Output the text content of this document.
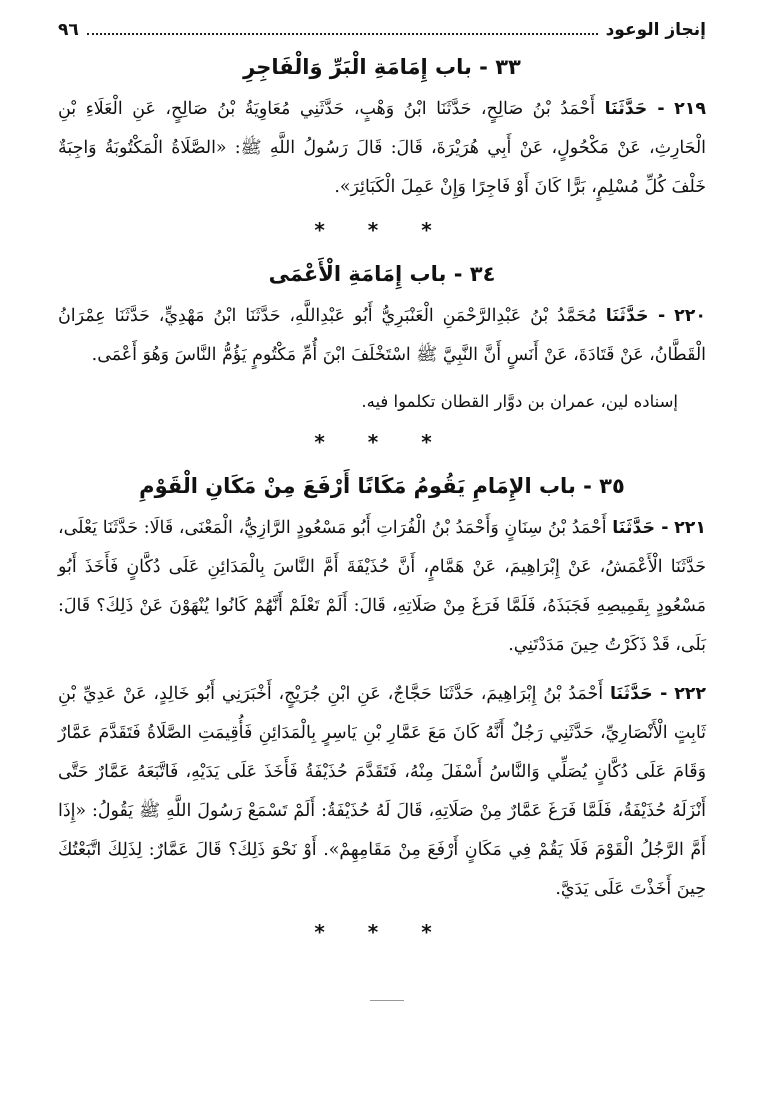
إنجاز الوعود
٩٦
٣٣ - باب إِمَامَةِ الْبَرِّ وَالْفَاجِرِ

٢١٩ - حَدَّثَنَا أَحْمَدُ بْنُ صَالِحٍ، حَدَّثَنَا ابْنُ وَهْبٍ، حَدَّثَنِي مُعَاوِيَةُ بْنُ صَالِحٍ، عَنِ الْعَلَاءِ بْنِ الْحَارِثِ، عَنْ مَكْحُولٍ، عَنْ أَبِي هُرَيْرَةَ، قَالَ: قَالَ رَسُولُ اللَّهِ ﷺ: «الصَّلَاةُ الْمَكْتُوبَةُ وَاجِبَةٌ خَلْفَ كُلِّ مُسْلِمٍ، بَرًّا كَانَ أَوْ فَاجِرًا وَإِنْ عَمِلَ الْكَبَائِرَ».

* * *
٣٤ - باب إِمَامَةِ الْأَعْمَى

٢٢٠ - حَدَّثَنَا مُحَمَّدُ بْنُ عَبْدِالرَّحْمَنِ الْعَنْبَرِيُّ أَبُو عَبْدِاللَّهِ، حَدَّثَنَا ابْنُ مَهْدِيٍّ، حَدَّثَنَا عِمْرَانُ الْقَطَّانُ، عَنْ قَتَادَةَ، عَنْ أَنَسٍ أَنَّ النَّبِيَّ ﷺ اسْتَخْلَفَ ابْنَ أُمِّ مَكْتُومٍ يَؤُمُّ النَّاسَ وَهُوَ أَعْمَى.

إسناده لين، عمران بن دوَّار القطان تكلموا فيه.
* * *
٣٥ - باب الإِمَامِ يَقُومُ مَكَانًا أَرْفَعَ مِنْ مَكَانِ الْقَوْمِ

٢٢١ - حَدَّثَنَا أَحْمَدُ بْنُ سِنَانٍ وَأَحْمَدُ بْنُ الْفُرَاتِ أَبُو مَسْعُودٍ الرَّازِيُّ، الْمَعْنَى، قَالَا: حَدَّثَنَا يَعْلَى، حَدَّثَنَا الْأَعْمَشُ، عَنْ إِبْرَاهِيمَ، عَنْ هَمَّامٍ، أَنَّ حُذَيْفَةَ أَمَّ النَّاسَ بِالْمَدَائِنِ عَلَى دُكَّانٍ فَأَخَذَ أَبُو مَسْعُودٍ بِقَمِيصِهِ فَجَبَذَهُ، فَلَمَّا فَرَغَ مِنْ صَلَاتِهِ، قَالَ: أَلَمْ تَعْلَمْ أَنَّهُمْ كَانُوا يُنْهَوْنَ عَنْ ذَلِكَ؟ قَالَ: بَلَى، قَدْ ذَكَرْتُ حِينَ مَدَدْتَنِي.

٢٢٢ - حَدَّثَنَا أَحْمَدُ بْنُ إِبْرَاهِيمَ، حَدَّثَنَا حَجَّاجٌ، عَنِ ابْنِ جُرَيْجٍ، أَخْبَرَنِي أَبُو خَالِدٍ، عَنْ عَدِيِّ بْنِ ثَابِتٍ الْأَنْصَارِيِّ، حَدَّثَنِي رَجُلٌ أَنَّهُ كَانَ مَعَ عَمَّارِ بْنِ يَاسِرٍ بِالْمَدَائِنِ فَأُقِيمَتِ الصَّلَاةُ فَتَقَدَّمَ عَمَّارٌ وَقَامَ عَلَى دُكَّانٍ يُصَلِّي وَالنَّاسُ أَسْفَلَ مِنْهُ، فَتَقَدَّمَ حُذَيْفَةُ فَأَخَذَ عَلَى يَدَيْهِ، فَاتَّبَعَهُ عَمَّارٌ حَتَّى أَنْزَلَهُ حُذَيْفَةُ، فَلَمَّا فَرَغَ عَمَّارٌ مِنْ صَلَاتِهِ، قَالَ لَهُ حُذَيْفَةُ: أَلَمْ تَسْمَعْ رَسُولَ اللَّهِ ﷺ يَقُولُ: «إِذَا أَمَّ الرَّجُلُ الْقَوْمَ فَلَا يَقُمْ فِي مَكَانٍ أَرْفَعَ مِنْ مَقَامِهِمْ». أَوْ نَحْوَ ذَلِكَ؟ قَالَ عَمَّارٌ: لِذَلِكَ اتَّبَعْتُكَ حِينَ أَخَذْتَ عَلَى يَدَيَّ.

* * *
